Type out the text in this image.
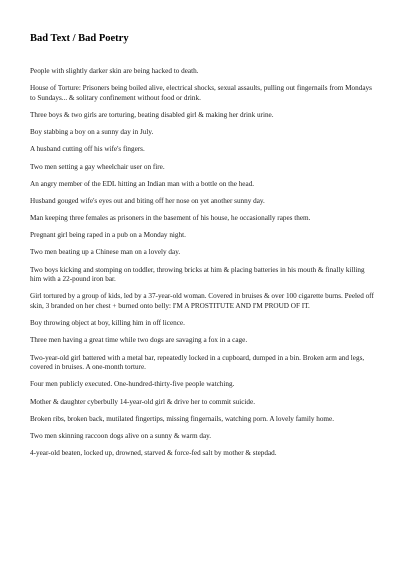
Bad Text / Bad Poetry

People with slightly darker skin are being hacked to death.

House of Torture: Prisoners being boiled alive, electrical shocks, sexual assaults, pulling out fingernails from Mondays to Sundays... & solitary confinement without food or drink.

Three boys & two girls are torturing, beating disabled girl & making her drink urine.

Boy stabbing a boy on a sunny day in July.

A husband cutting off his wife's fingers.

Two men setting a gay wheelchair user on fire.

An angry member of the EDL hitting an Indian man with a bottle on the head.

Husband gouged wife's eyes out and biting off her nose on yet another sunny day.

Man keeping three females as prisoners in the basement of his house, he occasionally rapes them.

Pregnant girl being raped in a pub on a Monday night.

Two men beating up a Chinese man on a lovely day.

Two boys kicking and stomping on toddler, throwing bricks at him & placing batteries in his mouth & finally killing him with a 22-pound iron bar.

Girl tortured by a group of kids, led by a 37-year-old woman. Covered in bruises & over 100 cigarette burns. Peeled off skin, 3 branded on her chest + burned onto belly: I'M A PROSTITUTE AND I'M PROUD OF IT.

Boy throwing object at boy, killing him in off licence.

Three men having a great time while two dogs are savaging a fox in a cage.

Two-year-old girl battered with a metal bar, repeatedly locked in a cupboard, dumped in a bin. Broken arm and legs, covered in bruises. A one-month torture.

Four men publicly executed. One-hundred-thirty-five people watching.

Mother & daughter cyberbully 14-year-old girl & drive her to commit suicide.

Broken ribs, broken back, mutilated fingertips, missing fingernails, watching porn. A lovely family home.

Two men skinning raccoon dogs alive on a sunny & warm day.

4-year-old beaten, locked up, drowned, starved & force-fed salt by mother & stepdad.
